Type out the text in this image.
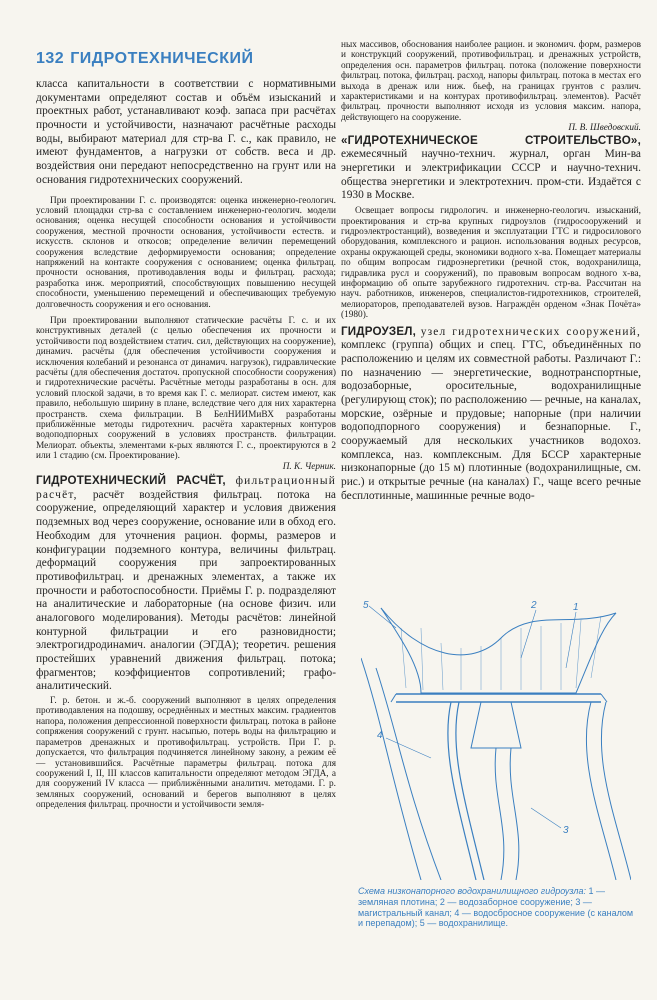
132 ГИДРОТЕХНИЧЕСКИЙ

класса капитальности в соответствии с нормативными документами определяют состав и объём изысканий и проектных работ, устанавливают коэф. запаса при расчётах прочности и устойчивости, назначают расчётные расходы воды, выбирают материал для стр-ва Г. с., как правило, не имеют фундаментов, а нагрузки от собств. веса и др. воздействия они передают непосредственно на грунт или на основания гидротехнических сооружений.

При проектировании Г. с. производятся: оценка инженерно-геологич. условий площадки стр-ва с составлением инженерно-геологич. модели основания; оценка несущей способности основания и устойчивости сооружения, местной прочности основания, устойчивости естеств. и искусств. склонов и откосов; определение величин перемещений сооружения вследствие деформируемости основания; определение напряжений на контакте сооружения с основанием; оценка фильтрац. прочности основания, противодавления воды и фильтрац. расхода; разработка инж. мероприятий, способствующих повышению несущей способности, уменьшению перемещений и обеспечивающих требуемую долговечность сооружения и его основания.

При проектировании выполняют статические расчёты Г. с. и их конструктивных деталей (с целью обеспечения их прочности и устойчивости под воздействием статич. сил, действующих на сооружение), динамич. расчёты (для обеспечения устойчивости сооружения и исключения колебаний и резонанса от динамич. нагрузок), гидравлические расчёты (для обеспечения достаточ. пропускной способности сооружения) и гидротехнические расчёты. Расчётные методы разработаны в осн. для условий плоской задачи, в то время как Г. с. мелиорат. систем имеют, как правило, небольшую ширину в плане, вследствие чего для них характерна пространств. схема фильтрации. В БелНИИМиВХ разработаны приближённые методы гидротехнич. расчёта характерных контуров водоподпорных сооружений в условиях пространств. фильтрации. Мелиорат. объекты, элементами к-рых являются Г. с., проектируются в 2 или 1 стадию (см. Проектирование).

П. К. Черник.

ГИДРОТЕХНИЧЕСКИЙ РАСЧЁТ, фильтрационный расчёт, расчёт воздействия фильтрац. потока на сооружение, определяющий характер и условия движения подземных вод через сооружение, основание или в обход его. Необходим для уточнения рацион. формы, размеров и конфигурации подземного контура, величины фильтрац. деформаций сооружения при запроектированных противофильтрац. и дренажных элементах, а также их прочности и работоспособности. Приёмы Г. р. подразделяют на аналитические и лабораторные (на основе физич. или аналогового моделирования). Методы расчётов: линейной контурной фильтрации и его разновидности; электрогидродинамич. аналогии (ЭГДА); теоретич. решения простейших уравнений движения фильтрац. потока; фрагментов; коэффициентов сопротивлений; графо-аналитический.

Г. р. бетон. и ж.-б. сооружений выполняют в целях определения противодавления на подошву, осреднённых и местных максим. градиентов напора, положения депрессионной поверхности фильтрац. потока в районе сопряжения сооружений с грунт. насыпью, потерь воды на фильтрацию и параметров дренажных и противофильтрац. устройств. При Г. р. допускается, что фильтрация подчиняется линейному закону, а режим её — установившийся. Расчётные параметры фильтрац. потока для сооружений I, II, III классов капитальности определяют методом ЭГДА, а для сооружений IV класса — приближёнными аналитич. методами. Г. р. земляных сооружений, оснований и берегов выполняют в целях определения фильтрац. прочности и устойчивости земля-

ных массивов, обоснования наиболее рацион. и экономич. форм, размеров и конструкций сооружений, противофильтрац. и дренажных устройств, определения осн. параметров фильтрац. потока (положение поверхности фильтрац. потока, фильтрац. расход, напоры фильтрац. потока в местах его выхода в дренаж или ниж. бьеф, на границах грунтов с различ. характеристиками и на контурах противофильтрац. элементов). Расчёт фильтрац. прочности выполняют исходя из условия максим. напора, действующего на сооружение.

П. В. Шведовский.

«ГИДРОТЕХНИЧЕСКОЕ СТРОИТЕЛЬСТВО», ежемесячный научно-технич. журнал, орган Мин-ва энергетики и электрификации СССР и научно-технич. общества энергетики и электротехнич. пром-сти. Издаётся с 1930 в Москве.

Освещает вопросы гидрологич. и инженерно-геологич. изысканий, проектирования и стр-ва крупных гидроузлов (гидросооружений и гидроэлектростанций), возведения и эксплуатации ГТС и гидросилового оборудования, комплексного и рацион. использования водных ресурсов, охраны окружающей среды, экономики водного х-ва. Помещает материалы по общим вопросам гидроэнергетики (речной сток, водохранилища, гидравлика русл и сооружений), по правовым вопросам водного х-ва, информацию об опыте зарубежного гидротехнич. стр-ва. Рассчитан на науч. работников, инженеров, специалистов-гидротехников, строителей, мелиораторов, преподавателей вузов. Награждён орденом «Знак Почёта» (1980).

ГИДРОУЗЕЛ, узел гидротехнических сооружений, комплекс (группа) общих и спец. ГТС, объединённых по расположению и целям их совместной работы. Различают Г.: по назначению — энергетические, воднотранспортные, водозаборные, оросительные, водохранилищные (регулирующ сток); по расположению — речные, на каналах, морские, озёрные и прудовые; напорные (при наличии водоподпорного сооружения) и безнапорные. Г., сооружаемый для нескольких участников водохоз. комплекса, наз. комплексным. Для БССР характерные низконапорные (до 15 м) плотинные (водохранилищные, см. рис.) и открытые речные (на каналах) Г., чаще всего речные бесплотинные, машинные речные водо-

5	2	1
4
3
Схема низконапорного водохранилищного гидроузла: 1 — земляная плотина; 2 — водозаборное сооружение; 3 — магистральный канал; 4 — водосбросное сооружение (с каналом и перепадом); 5 — водохранилище.
